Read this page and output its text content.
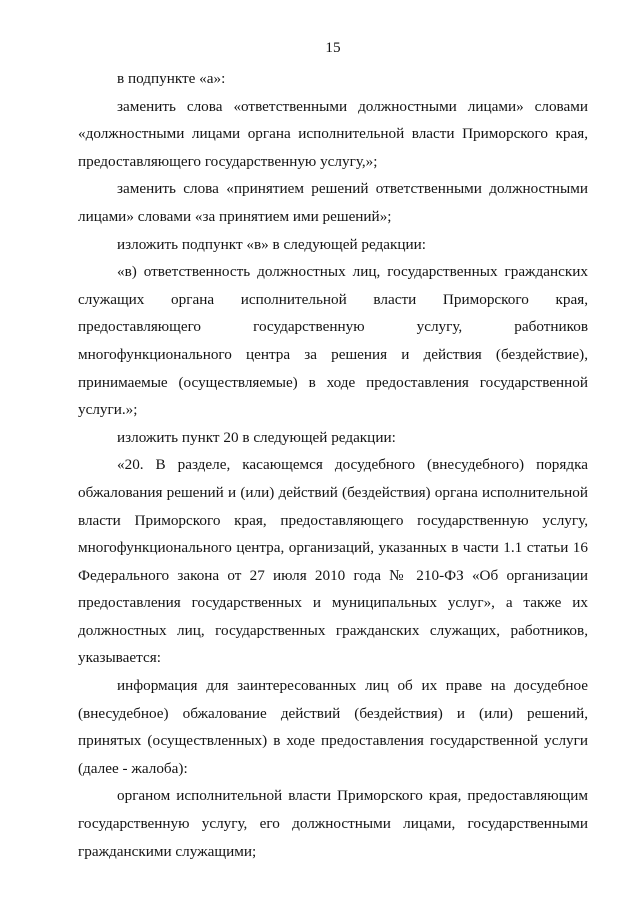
15

в подпункте «а»:

заменить слова «ответственными должностными лицами» словами «должностными лицами органа исполнительной власти Приморского края, предоставляющего государственную услугу,»;

заменить слова «принятием решений ответственными должностными лицами» словами «за принятием ими решений»;

изложить подпункт «в» в следующей редакции:

«в) ответственность должностных лиц, государственных гражданских служащих органа исполнительной власти Приморского края, предоставляющего государственную услугу, работников многофункционального центра за решения и действия (бездействие), принимаемые (осуществляемые) в ходе предоставления государственной услуги.»;

изложить пункт 20 в следующей редакции:

«20. В разделе, касающемся досудебного (внесудебного) порядка обжалования решений и (или) действий (бездействия) органа исполнительной власти Приморского края, предоставляющего государственную услугу, многофункционального центра, организаций, указанных в части 1.1 статьи 16 Федерального закона от 27 июля 2010 года № 210-ФЗ «Об организации предоставления государственных и муниципальных услуг», а также их должностных лиц, государственных гражданских служащих, работников, указывается:

информация для заинтересованных лиц об их праве на досудебное (внесудебное) обжалование действий (бездействия) и (или) решений, принятых (осуществленных) в ходе предоставления государственной услуги (далее - жалоба):

органом исполнительной власти Приморского края, предоставляющим государственную услугу, его должностными лицами, государственными гражданскими служащими;
